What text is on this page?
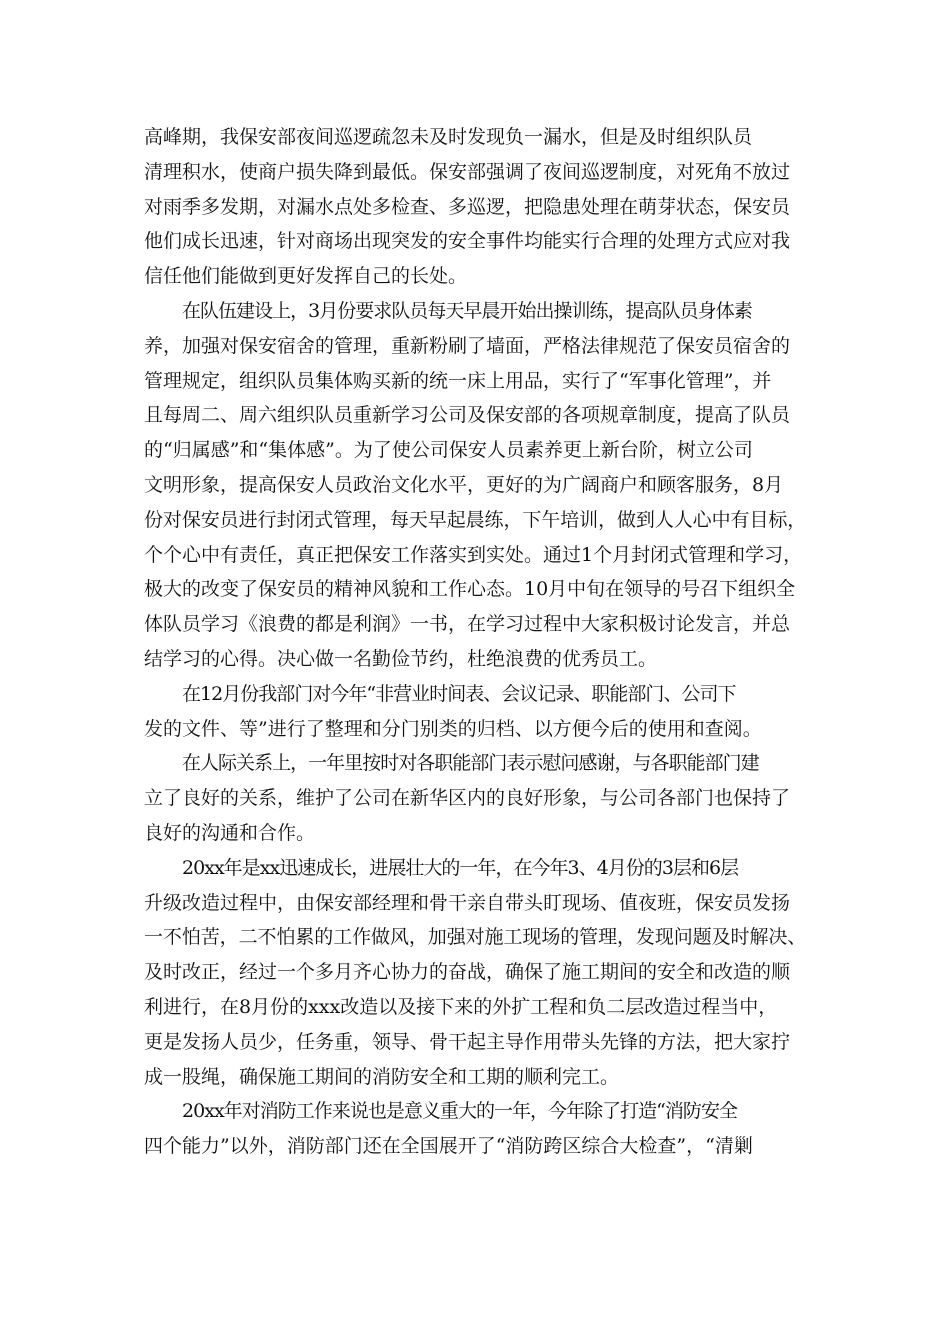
高峰期，我保安部夜间巡逻疏忽未及时发现负一漏水，但是及时组织队员
清理积水，使商户损失降到最低。保安部强调了夜间巡逻制度，对死角不放过
对雨季多发期，对漏水点处多检查、多巡逻，把隐患处理在萌芽状态，保安员
他们成长迅速，针对商场出现突发的安全事件均能实行合理的处理方式应对我
信任他们能做到更好发挥自己的长处。

在队伍建设上，3月份要求队员每天早晨开始出操训练，提高队员身体素
养，加强对保安宿舍的管理，重新粉刷了墙面，严格法律规范了保安员宿舍的
管理规定，组织队员集体购买新的统一床上用品，实行了“军事化管理”，并
且每周二、周六组织队员重新学习公司及保安部的各项规章制度，提高了队员
的“归属感”和“集体感”。为了使公司保安人员素养更上新台阶，树立公司
文明形象，提高保安人员政治文化水平，更好的为广阔商户和顾客服务，8月
份对保安员进行封闭式管理，每天早起晨练，下午培训，做到人人心中有目标，
个个心中有责任，真正把保安工作落实到实处。通过1个月封闭式管理和学习，
极大的改变了保安员的精神风貌和工作心态。10月中旬在领导的号召下组织全
体队员学习《浪费的都是利润》一书，在学习过程中大家积极讨论发言，并总
结学习的心得。决心做一名勤俭节约，杜绝浪费的优秀员工。

在12月份我部门对今年“非营业时间表、会议记录、职能部门、公司下
发的文件、等”进行了整理和分门别类的归档、以方便今后的使用和查阅。

在人际关系上，一年里按时对各职能部门表示慰问感谢，与各职能部门建
立了良好的关系，维护了公司在新华区内的良好形象，与公司各部门也保持了
良好的沟通和合作。

20xx年是xx迅速成长，进展壮大的一年，在今年3、4月份的3层和6层
升级改造过程中，由保安部经理和骨干亲自带头盯现场、值夜班，保安员发扬
一不怕苦，二不怕累的工作做风，加强对施工现场的管理，发现问题及时解决、
及时改正，经过一个多月齐心协力的奋战，确保了施工期间的安全和改造的顺
利进行，在8月份的xxx改造以及接下来的外扩工程和负二层改造过程当中，
更是发扬人员少，任务重，领导、骨干起主导作用带头先锋的方法，把大家拧
成一股绳，确保施工期间的消防安全和工期的顺利完工。

20xx年对消防工作来说也是意义重大的一年，今年除了打造“消防安全
四个能力”以外，消防部门还在全国展开了“消防跨区综合大检查”，“清剿
